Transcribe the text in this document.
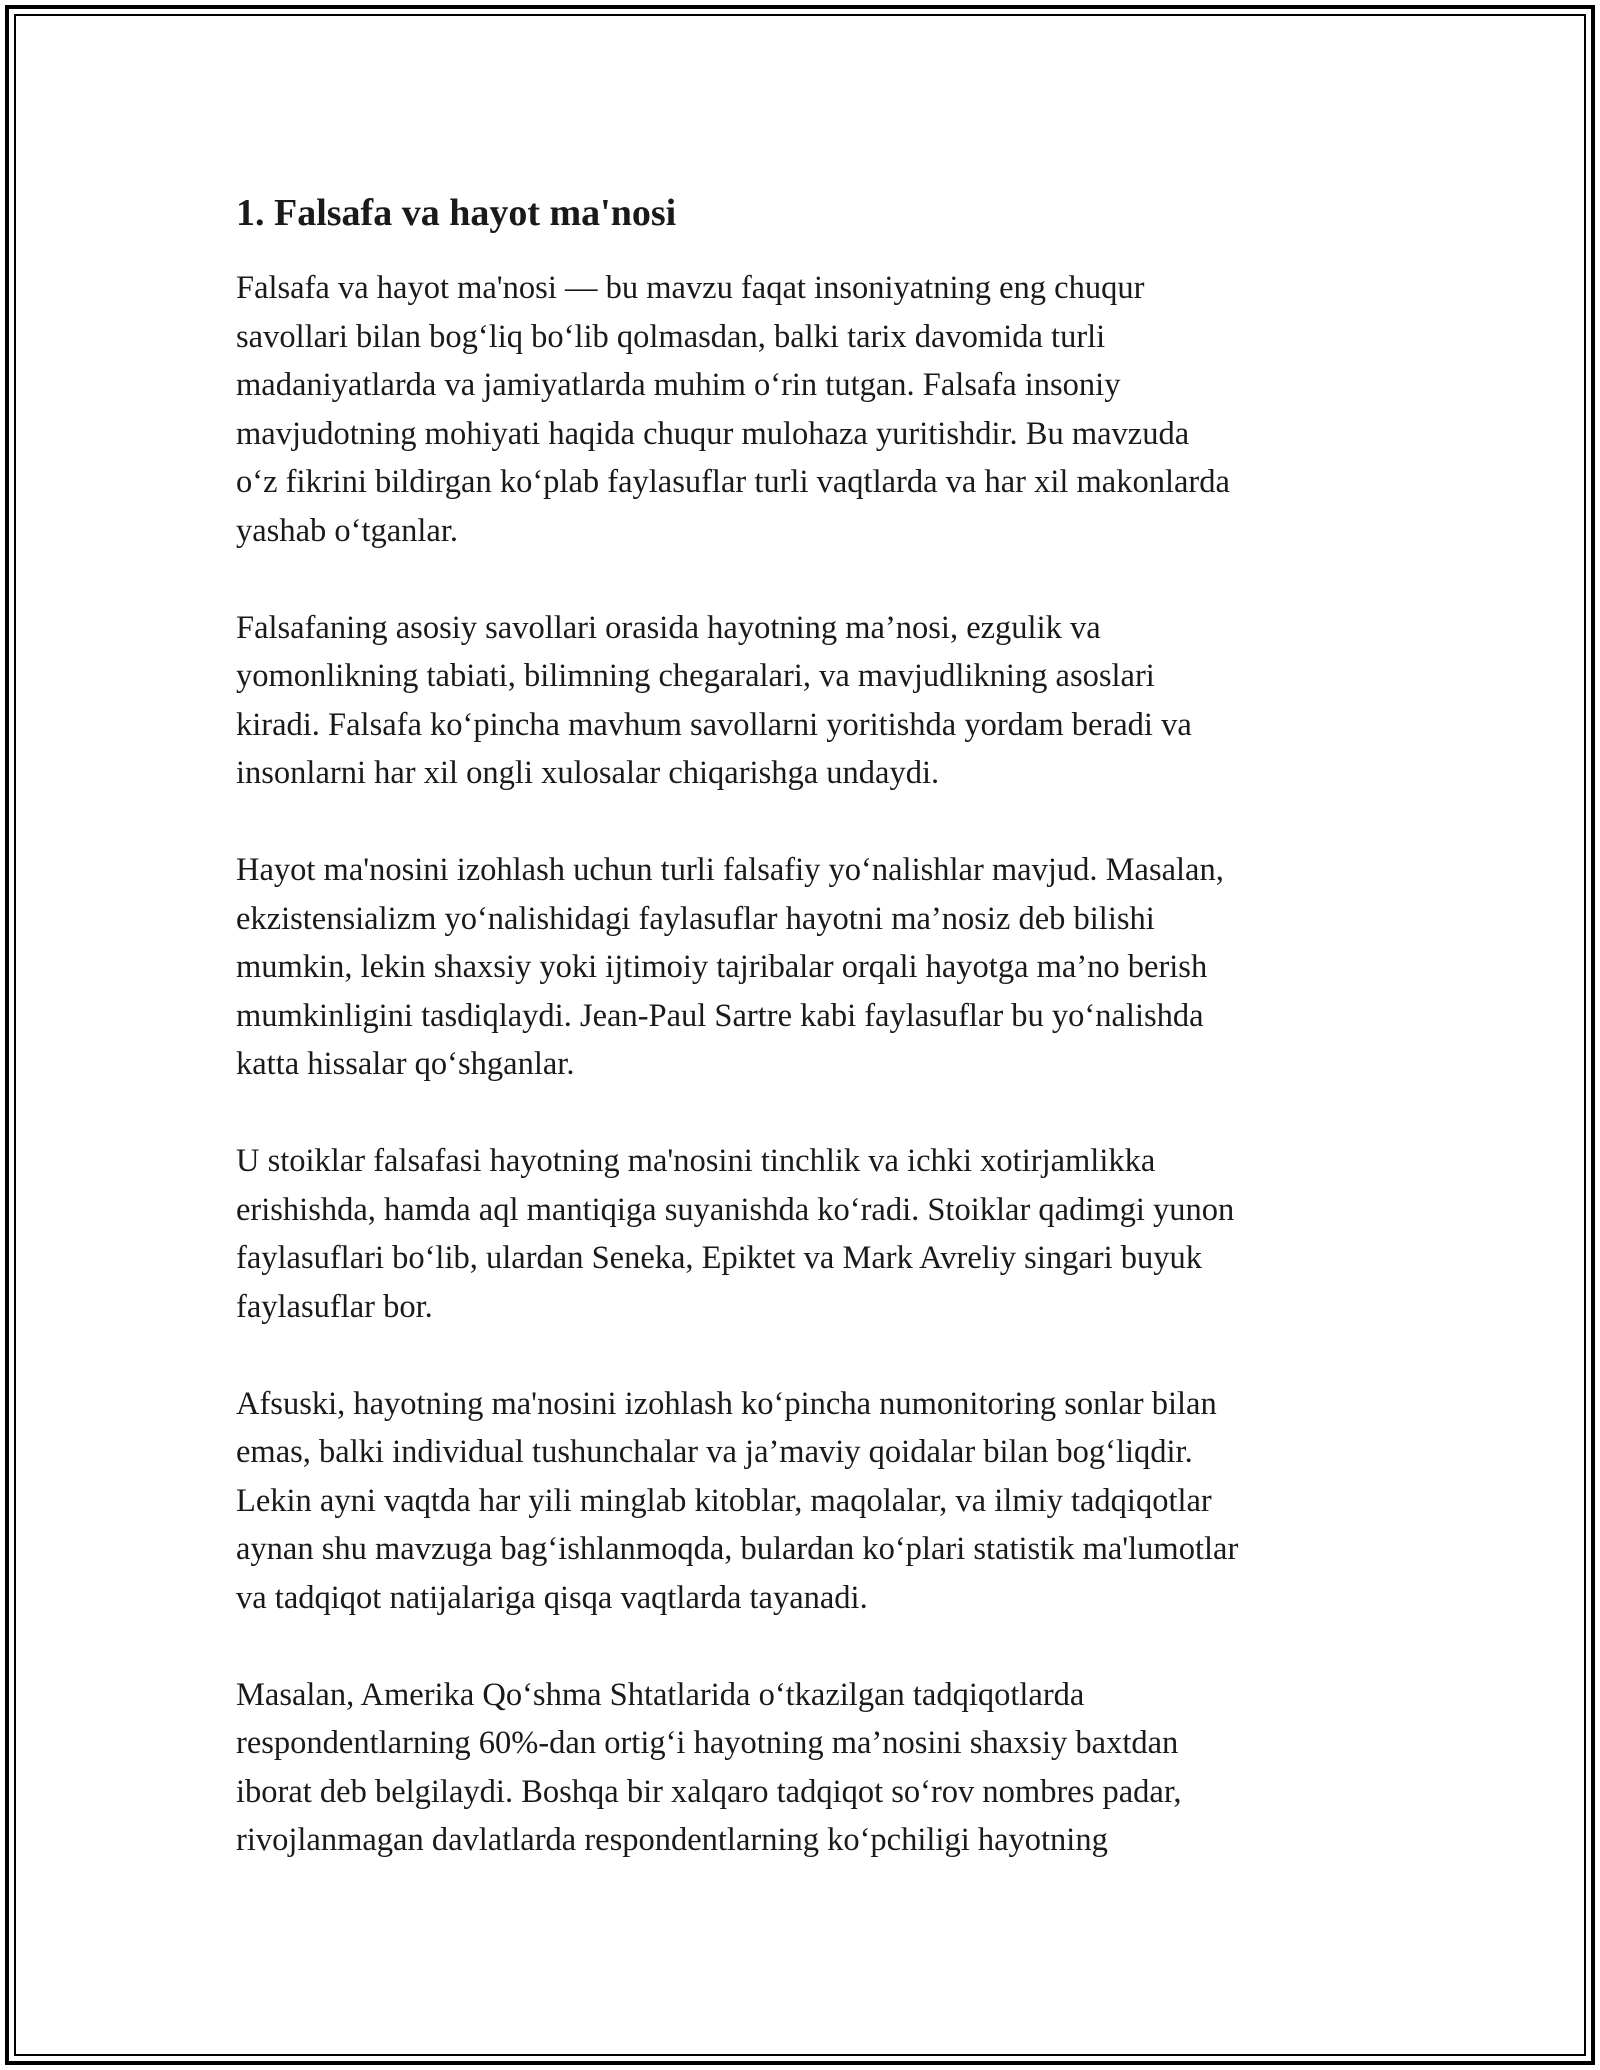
1. Falsafa va hayot ma'nosi
Falsafa va hayot ma'nosi — bu mavzu faqat insoniyatning eng chuqur
savollari bilan bog‘liq bo‘lib qolmasdan, balki tarix davomida turli
madaniyatlarda va jamiyatlarda muhim o‘rin tutgan. Falsafa insoniy
mavjudotning mohiyati haqida chuqur mulohaza yuritishdir. Bu mavzuda
o‘z fikrini bildirgan ko‘plab faylasuflar turli vaqtlarda va har xil makonlarda
yashab o‘tganlar.
Falsafaning asosiy savollari orasida hayotning ma’nosi, ezgulik va
yomonlikning tabiati, bilimning chegaralari, va mavjudlikning asoslari
kiradi. Falsafa ko‘pincha mavhum savollarni yoritishda yordam beradi va
insonlarni har xil ongli xulosalar chiqarishga undaydi.
Hayot ma'nosini izohlash uchun turli falsafiy yo‘nalishlar mavjud. Masalan,
ekzistensializm yo‘nalishidagi faylasuflar hayotni ma’nosiz deb bilishi
mumkin, lekin shaxsiy yoki ijtimoiy tajribalar orqali hayotga ma’no berish
mumkinligini tasdiqlaydi. Jean-Paul Sartre kabi faylasuflar bu yo‘nalishda
katta hissalar qo‘shganlar.
U stoiklar falsafasi hayotning ma'nosini tinchlik va ichki xotirjamlikka
erishishda, hamda aql mantiqiga suyanishda ko‘radi. Stoiklar qadimgi yunon
faylasuflari bo‘lib, ulardan Seneka, Epiktet va Mark Avreliy singari buyuk
faylasuflar bor.
Afsuski, hayotning ma'nosini izohlash ko‘pincha numonitoring sonlar bilan
emas, balki individual tushunchalar va ja’maviy qoidalar bilan bog‘liqdir.
Lekin ayni vaqtda har yili minglab kitoblar, maqolalar, va ilmiy tadqiqotlar
aynan shu mavzuga bag‘ishlanmoqda, bulardan ko‘plari statistik ma'lumotlar
va tadqiqot natijalariga qisqa vaqtlarda tayanadi.
Masalan, Amerika Qo‘shma Shtatlarida o‘tkazilgan tadqiqotlarda
respondentlarning 60%-dan ortig‘i hayotning ma’nosini shaxsiy baxtdan
iborat deb belgilaydi. Boshqa bir xalqaro tadqiqot so‘rov nombres padar,
rivojlanmagan davlatlarda respondentlarning ko‘pchiligi hayotning
